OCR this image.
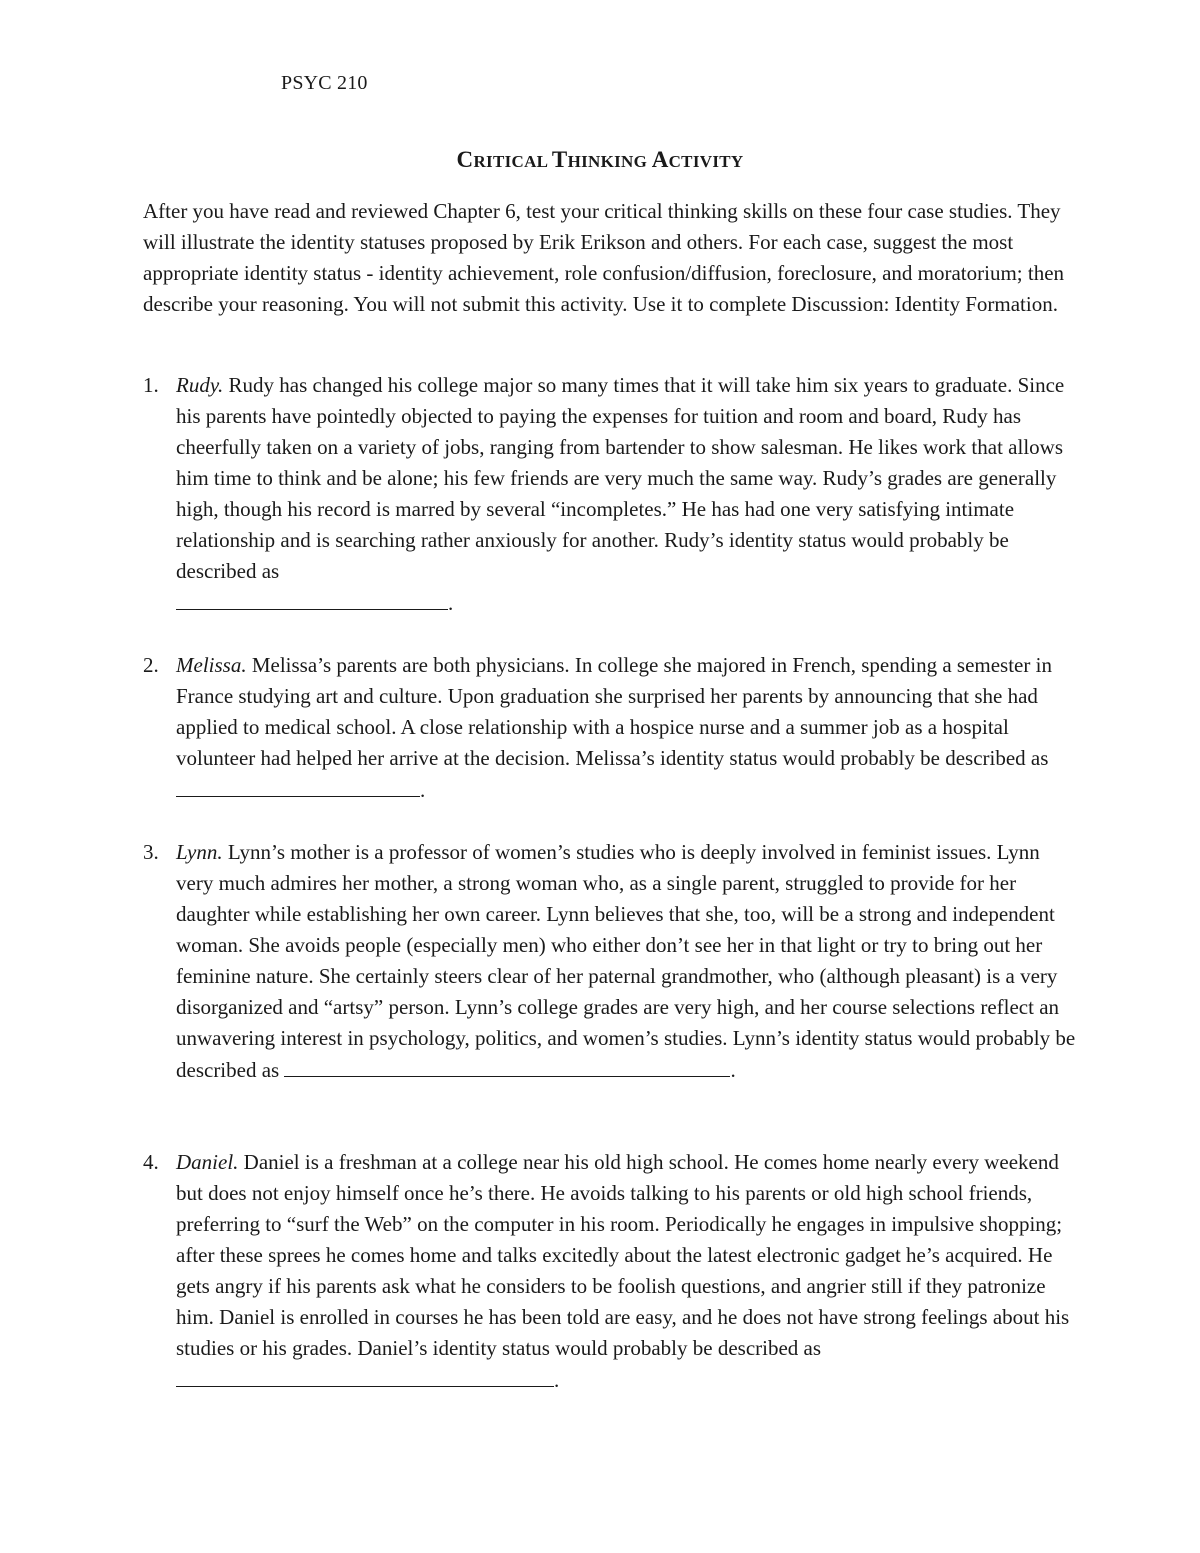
PSYC 210
CRITICAL THINKING ACTIVITY
After you have read and reviewed Chapter 6, test your critical thinking skills on these four case studies. They will illustrate the identity statuses proposed by Erik Erikson and others. For each case, suggest the most appropriate identity status - identity achievement, role confusion/diffusion, foreclosure, and moratorium; then describe your reasoning. You will not submit this activity. Use it to complete Discussion: Identity Formation.
1. Rudy. Rudy has changed his college major so many times that it will take him six years to graduate. Since his parents have pointedly objected to paying the expenses for tuition and room and board, Rudy has cheerfully taken on a variety of jobs, ranging from bartender to show salesman. He likes work that allows him time to think and be alone; his few friends are very much the same way. Rudy’s grades are generally high, though his record is marred by several “incompletes.” He has had one very satisfying intimate relationship and is searching rather anxiously for another. Rudy’s identity status would probably be described as
.
2. Melissa. Melissa’s parents are both physicians. In college she majored in French, spending a semester in France studying art and culture. Upon graduation she surprised her parents by announcing that she had applied to medical school. A close relationship with a hospice nurse and a summer job as a hospital volunteer had helped her arrive at the decision. Melissa’s identity status would probably be described as .
3. Lynn. Lynn’s mother is a professor of women’s studies who is deeply involved in feminist issues. Lynn very much admires her mother, a strong woman who, as a single parent, struggled to provide for her daughter while establishing her own career. Lynn believes that she, too, will be a strong and independent woman. She avoids people (especially men) who either don’t see her in that light or try to bring out her feminine nature. She certainly steers clear of her paternal grandmother, who (although pleasant) is a very disorganized and “artsy” person. Lynn’s college grades are very high, and her course selections reflect an unwavering interest in psychology, politics, and women’s studies. Lynn’s identity status would probably be described as	.
4. Daniel. Daniel is a freshman at a college near his old high school. He comes home nearly every weekend but does not enjoy himself once he’s there. He avoids talking to his parents or old high school friends, preferring to “surf the Web” on the computer in his room. Periodically he engages in impulsive shopping; after these sprees he comes home and talks excitedly about the latest electronic gadget he’s acquired. He gets angry if his parents ask what he considers to be foolish questions, and angrier still if they patronize him. Daniel is enrolled in courses he has been told are easy, and he does not have strong feelings about his studies or his grades. Daniel’s identity status would probably be described as
.
